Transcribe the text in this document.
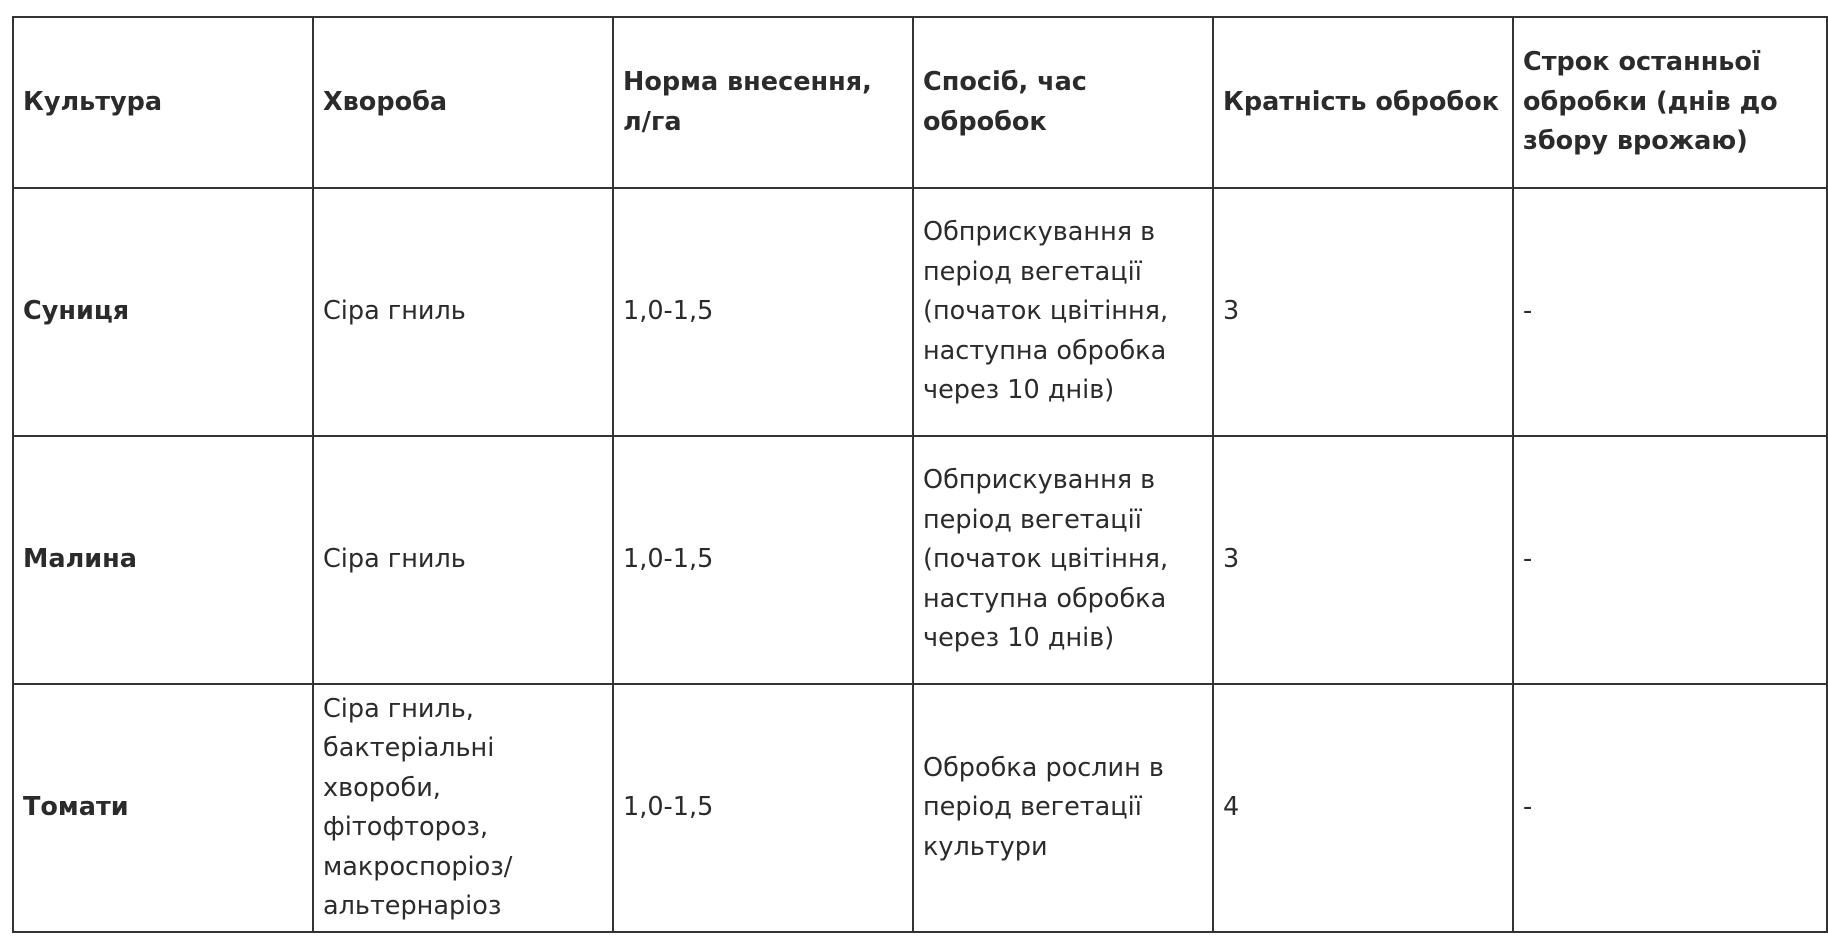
Культура	Хвороба	Норма внесення, л/га	Спосіб, час обробок	Кратність обробок	Строк останньої обробки (днів до збору врожаю)
Суниця	Сіра гниль	1,0-1,5	Обприскування в період вегетації (початок цвітіння, наступна обробка через 10 днів)	3	-
Малина	Сіра гниль	1,0-1,5	Обприскування в період вегетації (початок цвітіння, наступна обробка через 10 днів)	3	-
Томати	Сіра гниль, бактеріальні хвороби, фітофтороз, макроспоріоз/ альтернаріоз	1,0-1,5	Обробка рослин в період вегетації культури	4	-
